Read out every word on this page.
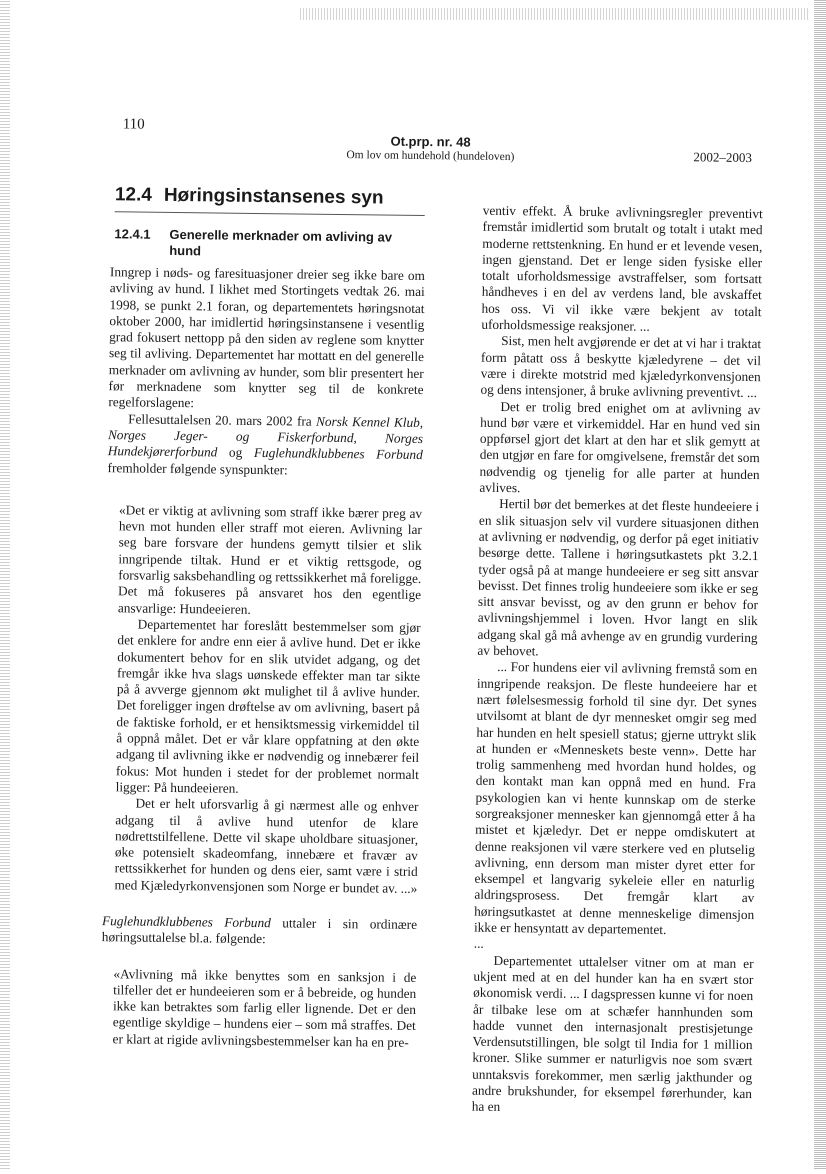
110
Ot.prp. nr. 48
Om lov om hundehold (hundeloven)	2002–2003
12.4 Høringsinstansenes syn
12.4.1 Generelle merknader om avliving av hund

Inngrep i nøds- og faresituasjoner dreier seg ikke bare om avliving av hund. I likhet med Stortingets vedtak 26. mai 1998, se punkt 2.1 foran, og departementets høringsnotat oktober 2000, har imidlertid høringsinstansene i vesentlig grad fokusert nettopp på den siden av reglene som knytter seg til avliving. Departementet har mottatt en del generelle merknader om avlivning av hunder, som blir presentert her før merknadene som knytter seg til de konkrete regelforslagene:

Fellesuttalelsen 20. mars 2002 fra Norsk Kennel Klub, Norges Jeger- og Fiskerforbund, Norges Hundekjørerforbund og Fuglehundklubbenes Forbund fremholder følgende synspunkter:

«Det er viktig at avlivning som straff ikke bærer preg av hevn mot hunden eller straff mot eieren. Avlivning lar seg bare forsvare der hundens gemytt tilsier et slik inngripende tiltak. Hund er et viktig rettsgode, og forsvarlig saksbehandling og rettssikkerhet må foreligge. Det må fokuseres på ansvaret hos den egentlige ansvarlige: Hundeeieren.

Departementet har foreslått bestemmelser som gjør det enklere for andre enn eier å avlive hund. Det er ikke dokumentert behov for en slik utvidet adgang, og det fremgår ikke hva slags uønskede effekter man tar sikte på å avverge gjennom økt mulighet til å avlive hunder. Det foreligger ingen drøftelse av om avlivning, basert på de faktiske forhold, er et hensiktsmessig virkemiddel til å oppnå målet. Det er vår klare oppfatning at den økte adgang til avlivning ikke er nødvendig og innebærer feil fokus: Mot hunden i stedet for der problemet normalt ligger: På hundeeieren.

Det er helt uforsvarlig å gi nærmest alle og enhver adgang til å avlive hund utenfor de klare nødrettstilfellene. Dette vil skape uholdbare situasjoner, øke potensielt skadeomfang, innebære et fravær av rettssikkerhet for hunden og dens eier, samt være i strid med Kjæledyrkonvensjonen som Norge er bundet av. ...»

Fuglehundklubbenes Forbund uttaler i sin ordinære høringsuttalelse bl.a. følgende:

«Avlivning må ikke benyttes som en sanksjon i de tilfeller det er hundeeieren som er å bebreide, og hunden ikke kan betraktes som farlig eller lignende. Det er den egentlige skyldige – hundens eier – som må straffes. Det er klart at rigide avlivningsbestemmelser kan ha en pre-

ventiv effekt. Å bruke avlivningsregler preventivt fremstår imidlertid som brutalt og totalt i utakt med moderne rettstenkning. En hund er et levende vesen, ingen gjenstand. Det er lenge siden fysiske eller totalt uforholdsmessige avstraffelser, som fortsatt håndheves i en del av verdens land, ble avskaffet hos oss. Vi vil ikke være bekjent av totalt uforholdsmessige reaksjoner. ...

Sist, men helt avgjørende er det at vi har i traktat form påtatt oss å beskytte kjæledyrene – det vil være i direkte motstrid med kjæledyrkonvensjonen og dens intensjoner, å bruke avlivning preventivt. ...

Det er trolig bred enighet om at avlivning av hund bør være et virkemiddel. Har en hund ved sin oppførsel gjort det klart at den har et slik gemytt at den utgjør en fare for omgivelsene, fremstår det som nødvendig og tjenelig for alle parter at hunden avlives.

Hertil bør det bemerkes at det fleste hundeeiere i en slik situasjon selv vil vurdere situasjonen dithen at avlivning er nødvendig, og derfor på eget initiativ besørge dette. Tallene i høringsutkastets pkt 3.2.1 tyder også på at mange hundeeiere er seg sitt ansvar bevisst. Det finnes trolig hundeeiere som ikke er seg sitt ansvar bevisst, og av den grunn er behov for avlivningshjemmel i loven. Hvor langt en slik adgang skal gå må avhenge av en grundig vurdering av behovet.

... For hundens eier vil avlivning fremstå som en inngripende reaksjon. De fleste hundeeiere har et nært følelsesmessig forhold til sine dyr. Det synes utvilsomt at blant de dyr mennesket omgir seg med har hunden en helt spesiell status; gjerne uttrykt slik at hunden er «Menneskets beste venn». Dette har trolig sammenheng med hvordan hund holdes, og den kontakt man kan oppnå med en hund. Fra psykologien kan vi hente kunnskap om de sterke sorgreaksjoner mennesker kan gjennomgå etter å ha mistet et kjæledyr. Det er neppe omdiskutert at denne reaksjonen vil være sterkere ved en plutselig avlivning, enn dersom man mister dyret etter for eksempel et langvarig sykeleie eller en naturlig aldringsprosess. Det fremgår klart av høringsutkastet at denne menneskelige dimensjon ikke er hensyntatt av departementet.

...

Departementet uttalelser vitner om at man er ukjent med at en del hunder kan ha en svært stor økonomisk verdi. ... I dagspressen kunne vi for noen år tilbake lese om at schæfer hannhunden som hadde vunnet den internasjonalt prestisjetunge Verdensutstillingen, ble solgt til India for 1 million kroner. Slike summer er naturligvis noe som svært unntaksvis forekommer, men særlig jakthunder og andre brukshunder, for eksempel førerhunder, kan ha en
